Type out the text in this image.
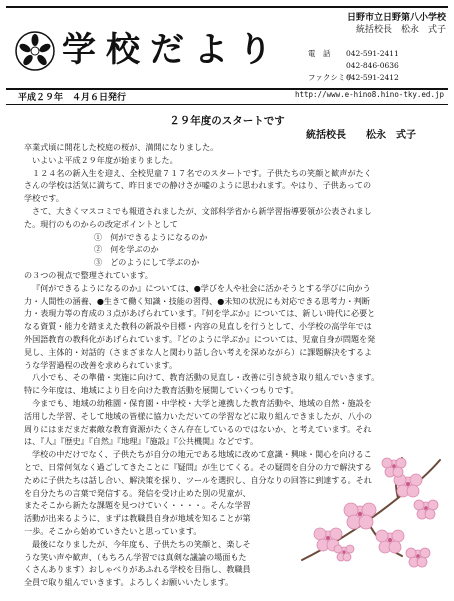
学校だより
日野市立日野第八小学校
統括校長　松永　式子
電　話 042-591-2411
042-846-0636
ファクシミリ042-591-2412
平成２９年　４月６日発行	http://www.e-hino8.hino-tky.ed.jp
２９年度のスタートです
統括校長　　松永　式子

卒業式頃に開花した校庭の桜が、満開になりました。

いよいよ平成２９年度が始まりました。

１２４名の新入生を迎え、全校児童７１７名でのスタートです。子供たちの笑顔と歓声がたく

さんの学校は活気に満ちて、昨日までの静けさが嘘のように思われます。やはり、子供あっての

学校です。

さて、大きくマスコミでも報道されましたが、文部科学省から新学習指導要領が公表されまし

た。現行のものからの改定ポイントとして

①　何ができるようになるのか
②　何を学ぶのか
③　どのようにして学ぶのか

の３つの視点で整理されています。

『何ができるようになるのか』については、●学びを人や社会に活かそうとする学びに向かう

力・人間性の涵養、●生きて働く知識・技能の習得、●未知の状況にも対応できる思考力・判断

力・表現力等の育成の３点があげられています。『何を学ぶか』については、新しい時代に必要と

なる資質・能力を踏まえた教科の新設や目標・内容の見直しを行うとして、小学校の高学年では

外国語教育の教科化があげられています。『どのように学ぶか』については、児童自身が問題を発

見し、主体的・対話的（さまざまな人と関わり話し合い考えを深めながら）に課題解決をするよ

うな学習過程の改善を求められています。

八小でも、その準備・実施に向けて、教育活動の見直し・改善に引き続き取り組んでいきます。

特に今年度は、地域により目を向けた教育活動を展開していくつもりです。

今までも、地域の幼稚園・保育園・中学校・大学と連携した教育活動や、地域の自然・施設を

活用した学習、そして地域の皆様に協力いただいての学習などに取り組んできましたが、八小の

周りにはまだまだ素敵な教育資源がたくさん存在しているのではないか、と考えています。それ

は、『人』『歴史』『自然』『地理』『施設』『公共機関』などです。

学校の中だけでなく、子供たちが自分の地元である地域に改めて意識・興味・関心を向けるこ

とで、日常何気なく過ごしてきたことに『疑問』が生じてくる。その疑問を自分の力で解決する

ために子供たちは話し合い、解決策を探り、ツールを選択し、自分なりの回答に到達する。それ

を自分たちの言葉で発信する。発信を受け止めた別の児童が、

またそこから新たな課題を見つけていく・・・・。そんな学習

活動が出来るように、まずは教職員自身が地域を知ることが第

一歩。そこから始めていきたいと思っています。

最後になりましたが、今年度も、子供たちの笑顔と、楽しそ

うな笑い声や歓声、（もちろん学習では真剣な議論の場面もた

くさんあります）おしゃべりがあふれる学校を目指し、教職員

全員で取り組んでいきます。よろしくお願いいたします。
